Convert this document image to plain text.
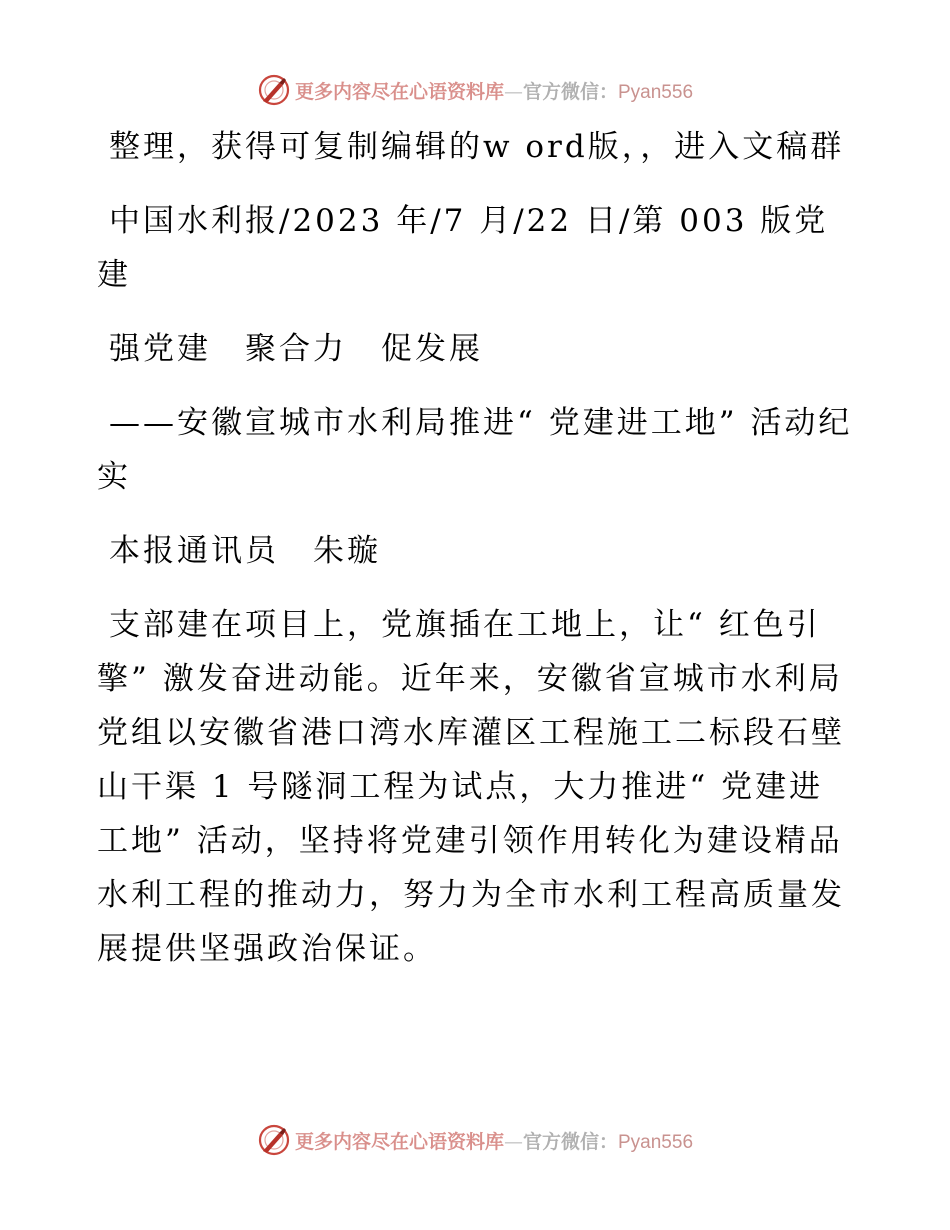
更多内容尽在心语资料库—官方微信：Pyan556

整理，获得可复制编辑的w ord版，，进入文稿群

中国水利报/2023 年/7 月/22 日/第 003 版党建

强党建　聚合力　促发展

——安徽宣城市水利局推进“ 党建进工地” 活动纪实

本报通讯员　朱璇

支部建在项目上，党旗插在工地上，让“ 红色引擎” 激发奋进动能。近年来，安徽省宣城市水利局党组以安徽省港口湾水库灌区工程施工二标段石壁山干渠 1 号隧洞工程为试点，大力推进“ 党建进工地” 活动，坚持将党建引领作用转化为建设精品水利工程的推动力，努力为全市水利工程高质量发展提供坚强政治保证。

更多内容尽在心语资料库—官方微信：Pyan556
